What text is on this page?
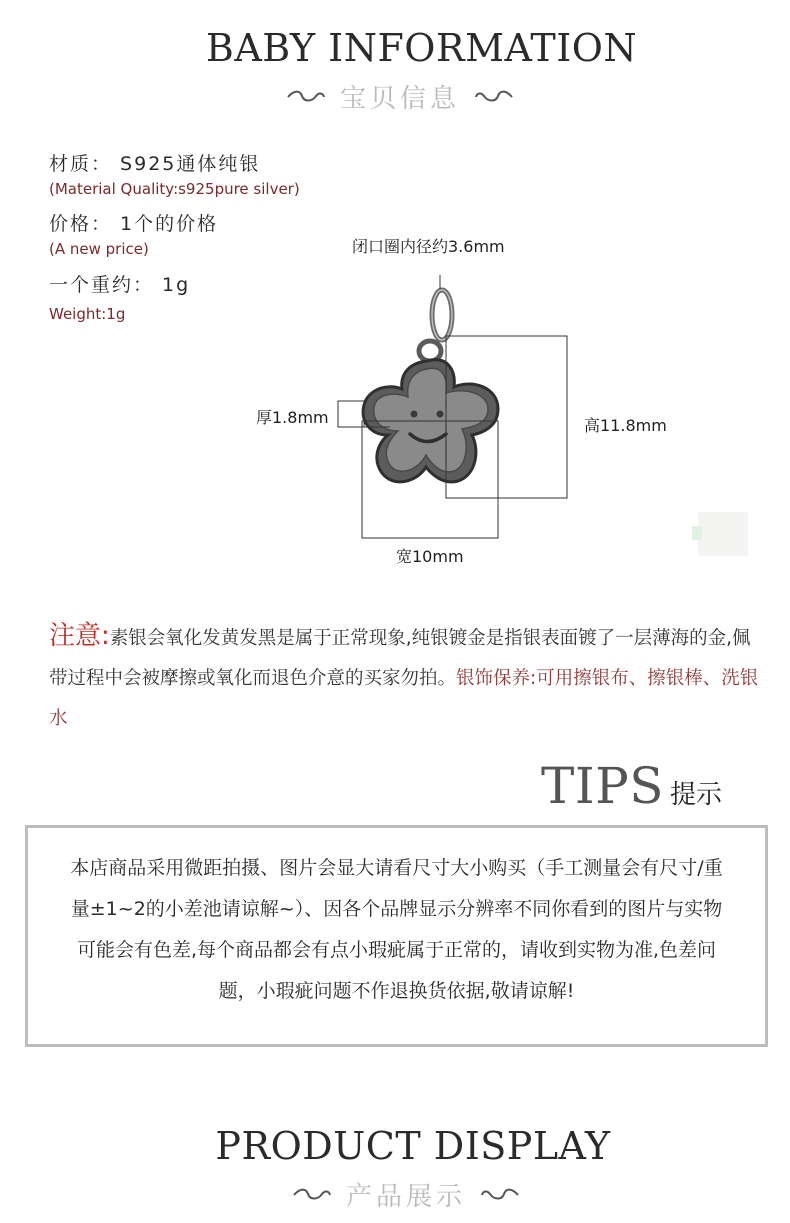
BABY INFORMATION
宝贝信息
材质： S925通体纯银
(Material Quality:s925pure silver)
价格： 1个的价格
(A new price)
一个重约： 1g
Weight:1g
闭口圈内径约3.6mm
厚1.8mm	高11.8mm
宽10mm
注意:素银会氧化发黄发黑是属于正常现象,纯银镀金是指银表面镀了一层薄海的金,佩带过程中会被摩擦或氧化而退色介意的买家勿拍。银饰保养:可用擦银布、擦银棒、洗银水
TIPS 提示
本店商品采用微距拍摄、图片会显大请看尺寸大小购买（手工测量会有尺寸/重量±1~2的小差池请谅解~）、因各个品牌显示分辨率不同你看到的图片与实物可能会有色差,每个商品都会有点小瑕疵属于正常的，请收到实物为准,色差问题，小瑕疵问题不作退换货依据,敬请谅解!
PRODUCT DISPLAY
产品展示
